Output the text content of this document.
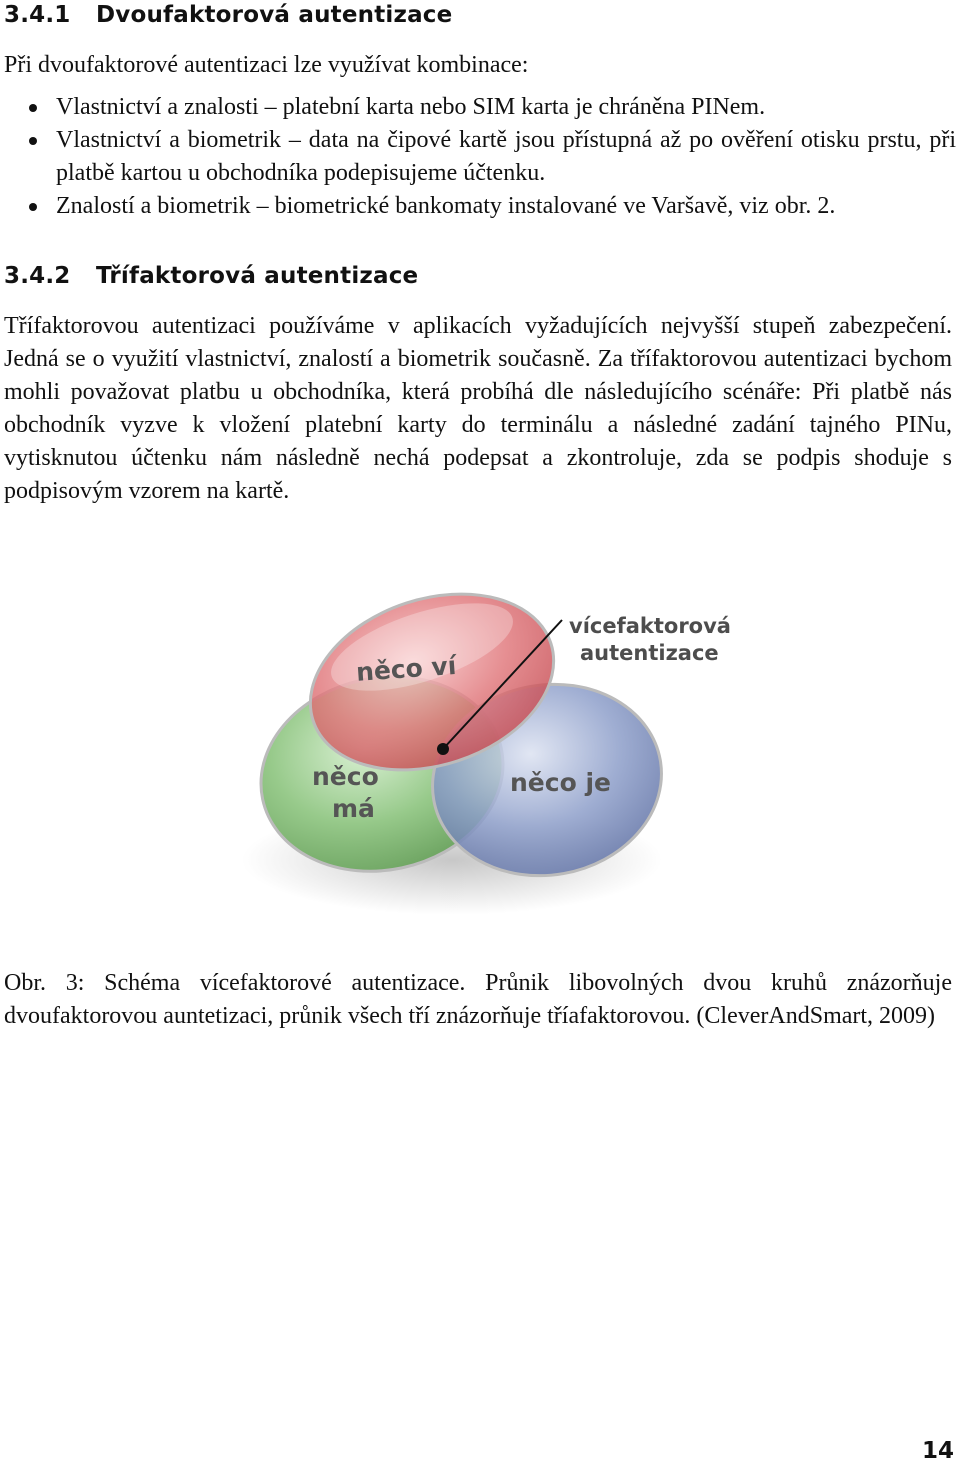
3.4.1 Dvoufaktorová autentizace

Při dvoufaktorové autentizaci lze využívat kombinace:

Vlastnictví a znalosti – platební karta nebo SIM karta je chráněna PINem.
Vlastnictví a biometrik – data na čipové kartě jsou přístupná až po ověření otisku prstu, při platbě kartou u obchodníka podepisujeme účtenku.
Znalostí a biometrik – biometrické bankomaty instalované ve Varšavě, viz obr. 2.
3.4.2 Třífaktorová autentizace

Třífaktorovou autentizaci používáme v aplikacích vyžadujících nejvyšší stupeň zabezpečení. Jedná se o využití vlastnictví, znalostí a biometrik současně. Za třífaktorovou autentizaci bychom mohli považovat platbu u obchodníka, která probíhá dle následujícího scénáře: Při platbě nás obchodník vyzve k vložení platební karty do terminálu a následné zadání tajného PINu, vytisknutou účtenku nám následně nechá podepsat a zkontroluje, zda se podpis shoduje s podpisovým vzorem na kartě.

vícefaktorová
autentizace
něco ví
něco
má
něco je

Obr. 3: Schéma vícefaktorové autentizace. Průnik libovolných dvou kruhů znázorňuje dvoufaktorovou auntetizaci, průnik všech tří znázorňuje tříafaktorovou. (CleverAndSmart, 2009)

14
